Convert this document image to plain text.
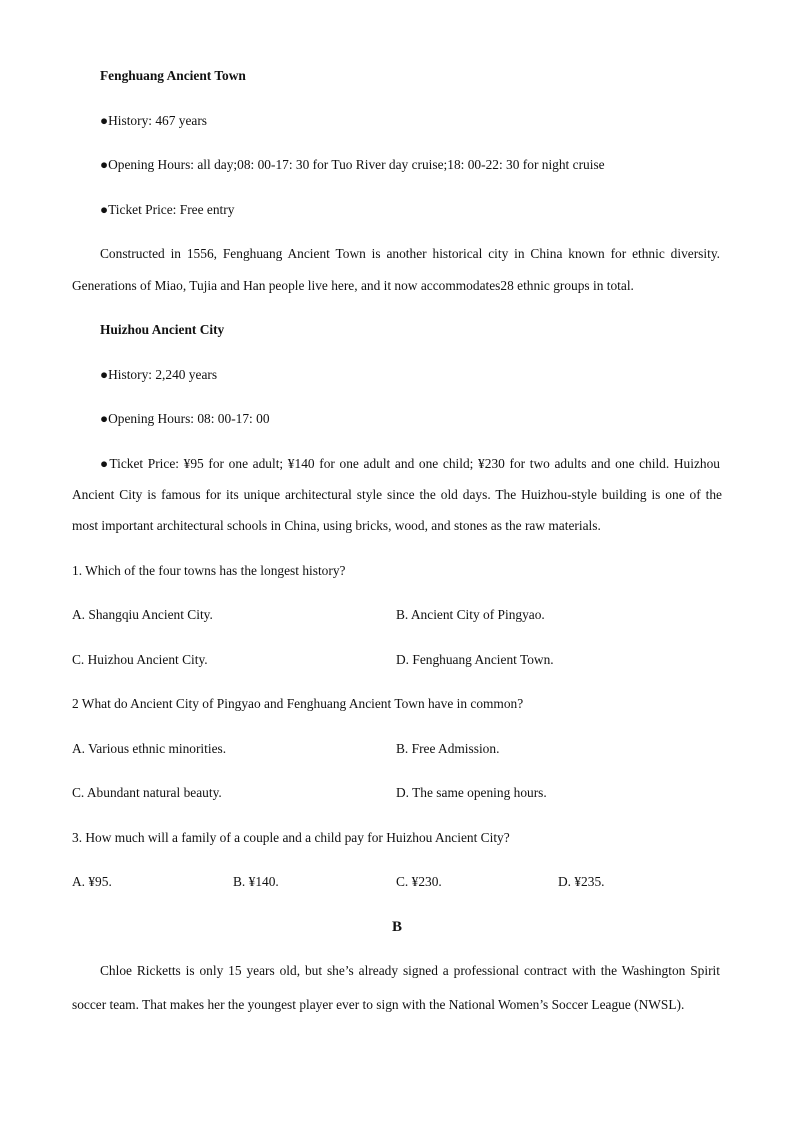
Fenghuang Ancient Town
●History: 467 years
●Opening Hours: all day;08: 00-17: 30 for Tuo River day cruise;18: 00-22: 30 for night cruise
●Ticket Price: Free entry
Constructed in 1556, Fenghuang Ancient Town is another historical city in China known for ethnic diversity.
Generations of Miao, Tujia and Han people live here, and it now accommodates28 ethnic groups in total.
Huizhou Ancient City
●History: 2,240 years
●Opening Hours: 08: 00-17: 00
●Ticket Price: ¥95 for one adult; ¥140 for one adult and one child; ¥230 for two adults and one child. Huizhou
Ancient City is famous for its unique architectural style since the old days. The Huizhou-style building is one of the
most important architectural schools in China, using bricks, wood, and stones as the raw materials.
1. Which of the four towns has the longest history?
A. Shangqiu Ancient City.	B. Ancient City of Pingyao.
C. Huizhou Ancient City.	D. Fenghuang Ancient Town.
2 What do Ancient City of Pingyao and Fenghuang Ancient Town have in common?
A. Various ethnic minorities.	B. Free Admission.
C. Abundant natural beauty.	D. The same opening hours.
3. How much will a family of a couple and a child pay for Huizhou Ancient City?
A. ¥95.	B. ¥140.	C. ¥230.	D. ¥235.
B
Chloe Ricketts is only 15 years old, but she’s already signed a professional contract with the Washington Spirit
soccer team. That makes her the youngest player ever to sign with the National Women’s Soccer League (NWSL).
